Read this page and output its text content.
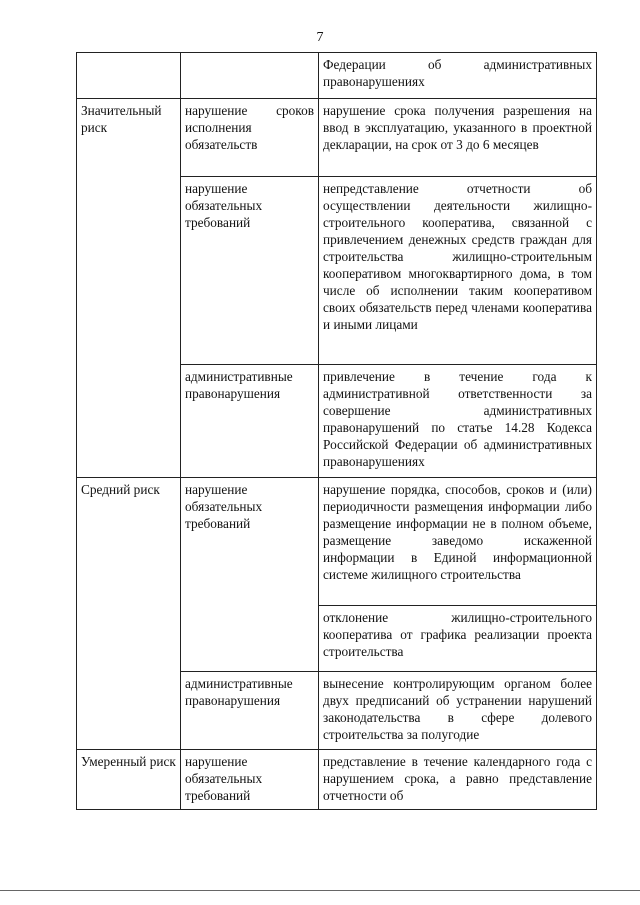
7
		Федерации об административных правонарушениях
Значительный риск	нарушение сроков исполнения обязательств	нарушение срока получения разрешения на ввод в эксплуатацию, указанного в проектной декларации, на срок от 3 до 6 месяцев
	нарушение обязательных требований	непредставление отчетности об осуществлении деятельности жилищно-строительного кооператива, связанной с привлечением денежных средств граждан для строительства жилищно-строительным кооперативом многоквартирного дома, в том числе об исполнении таким кооперативом своих обязательств перед членами кооператива и иными лицами
	административные правонарушения	привлечение в течение года к административной ответственности за совершение административных правонарушений по статье 14.28 Кодекса Российской Федерации об административных правонарушениях
Средний риск	нарушение обязательных требований	нарушение порядка, способов, сроков и (или) периодичности размещения информации либо размещение информации не в полном объеме, размещение заведомо искаженной информации в Единой информационной системе жилищного строительства
		отклонение жилищно-строительного кооператива от графика реализации проекта строительства
	административные правонарушения	вынесение контролирующим органом более двух предписаний об устранении нарушений законодательства в сфере долевого строительства за полугодие
Умеренный риск	нарушение обязательных требований	представление в течение календарного года с нарушением срока, а равно представление отчетности об
